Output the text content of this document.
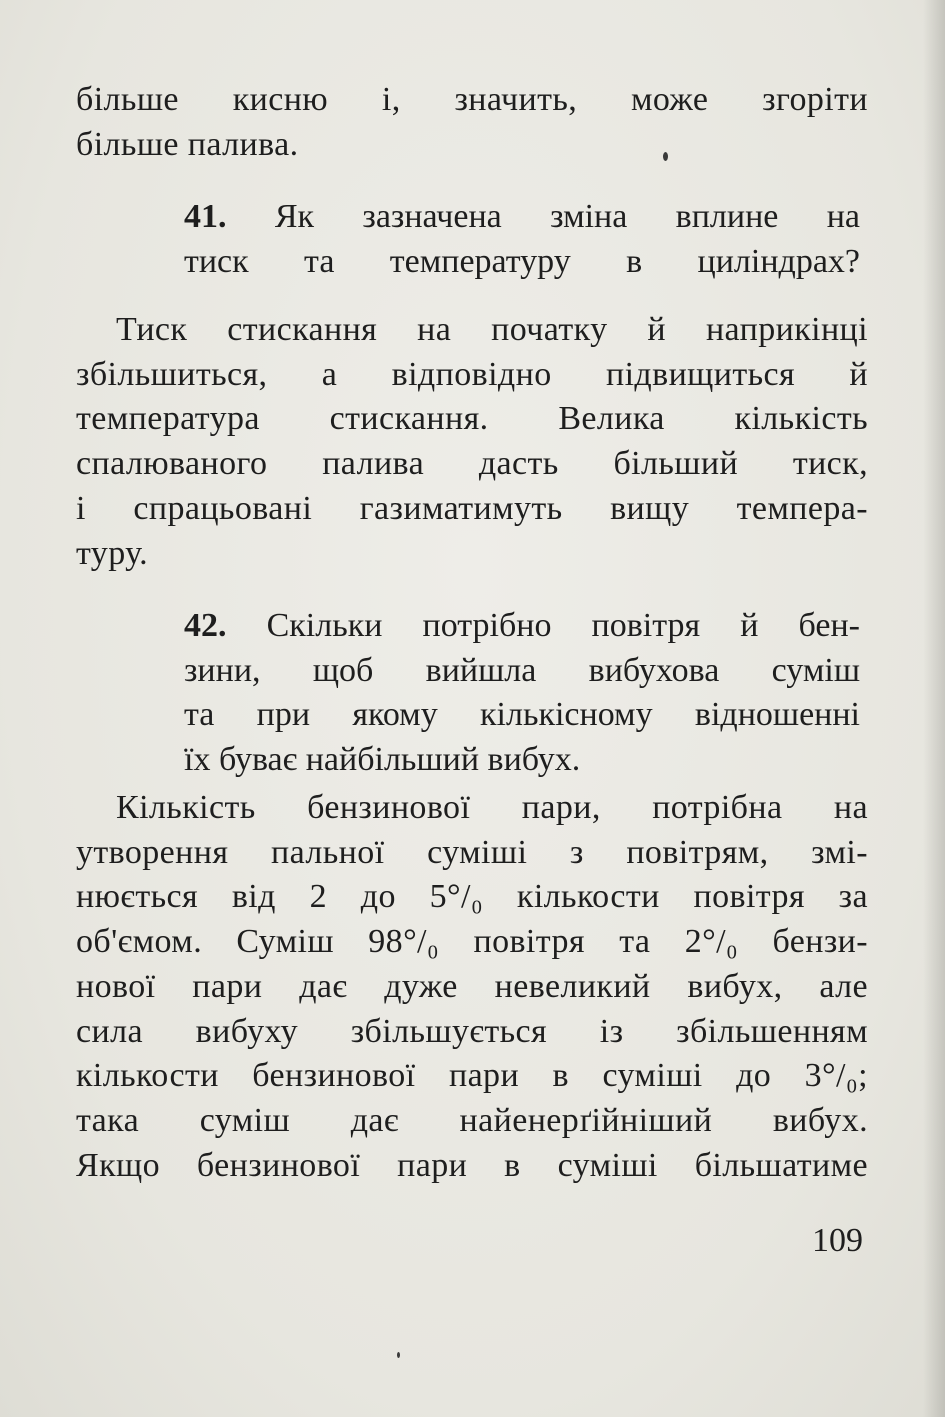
більше кисню і, значить, може згоріти
більше палива.
41. Як зазначена зміна вплине на
тиск та температуру в циліндрах?
Тиск стискання на початку й наприкінці
збільшиться, а відповідно підвищиться й
температура стискання. Велика кількість
спалюваного палива дасть більший тиск,
і спрацьовані газиматимуть вищу темпера-
туру.
42. Скільки потрібно повітря й бен-
зини, щоб вийшла вибухова суміш
та при якому кількісному відношенні
їх буває найбільший вибух.
Кількість бензинової пари, потрібна на
утворення пальної суміші з повітрям, змі-
нюється від 2 до 5°/₀ кількости повітря за
об'ємом. Суміш 98°/₀ повітря та 2°/₀ бензи-
нової пари дає дуже невеликий вибух, але
сила вибуху збільшується із збільшенням
кількости бензинової пари в суміші до 3°/₀;
така суміш дає найенерґійніший вибух.
Якщо бензинової пари в суміші більшатиме
109
